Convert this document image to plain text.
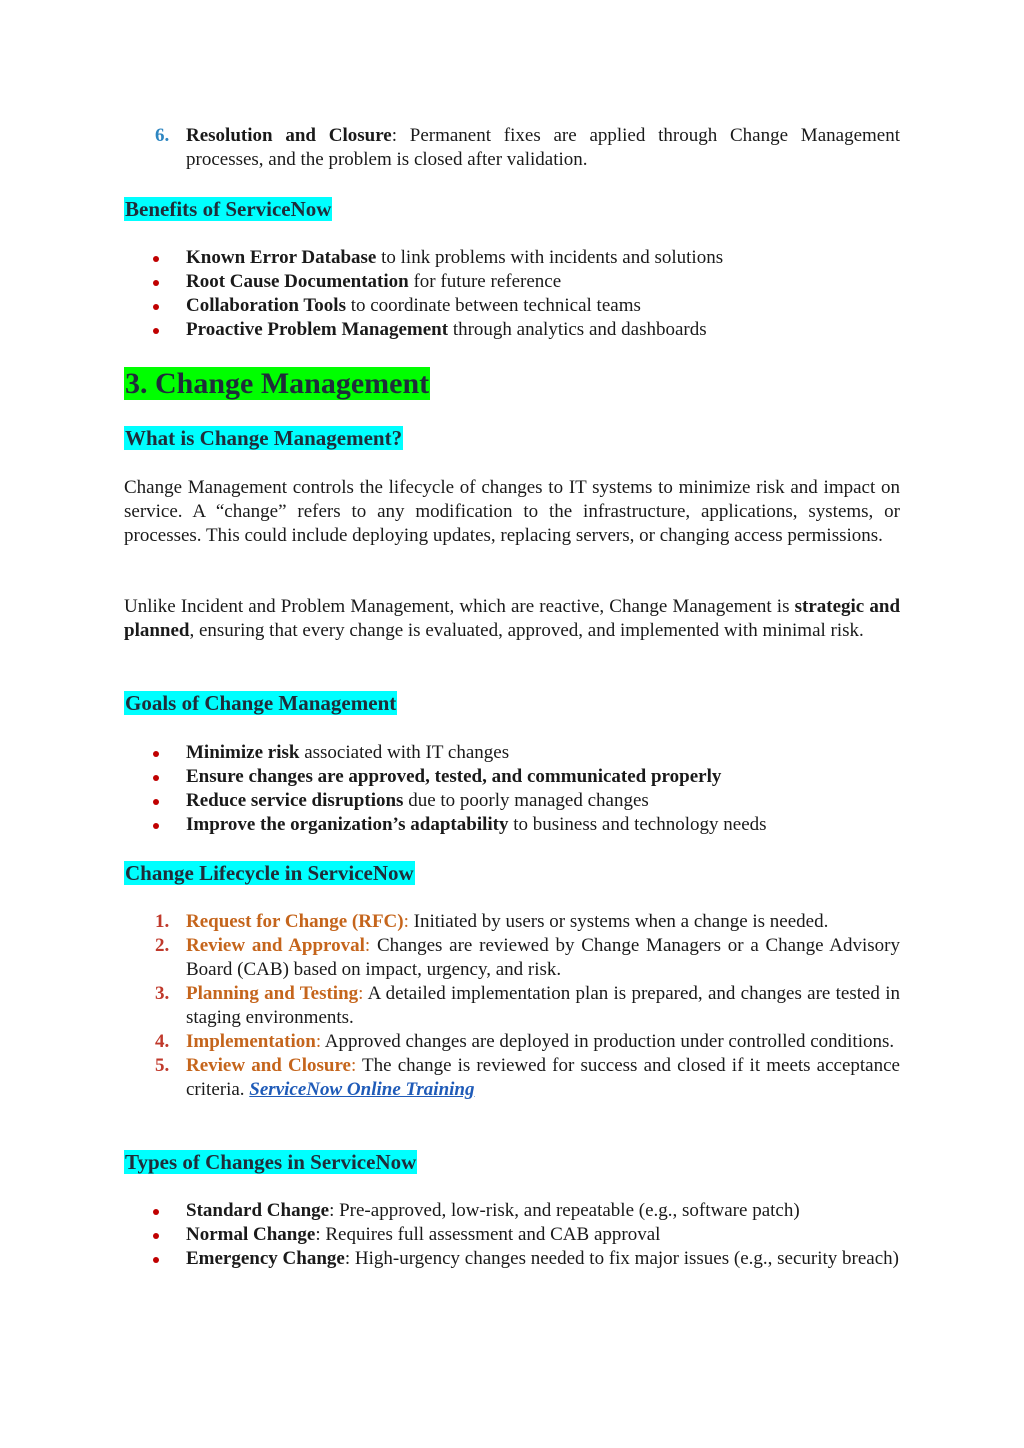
6. Resolution and Closure: Permanent fixes are applied through Change Management processes, and the problem is closed after validation.
Benefits of ServiceNow
Known Error Database to link problems with incidents and solutions
Root Cause Documentation for future reference
Collaboration Tools to coordinate between technical teams
Proactive Problem Management through analytics and dashboards
3. Change Management
What is Change Management?

Change Management controls the lifecycle of changes to IT systems to minimize risk and impact on service. A “change” refers to any modification to the infrastructure, applications, systems, or processes. This could include deploying updates, replacing servers, or changing access permissions.

Unlike Incident and Problem Management, which are reactive, Change Management is strategic and planned, ensuring that every change is evaluated, approved, and implemented with minimal risk.

Goals of Change Management
Minimize risk associated with IT changes
Ensure changes are approved, tested, and communicated properly
Reduce service disruptions due to poorly managed changes
Improve the organization’s adaptability to business and technology needs
Change Lifecycle in ServiceNow
1. Request for Change (RFC): Initiated by users or systems when a change is needed.
2. Review and Approval: Changes are reviewed by Change Managers or a Change Advisory Board (CAB) based on impact, urgency, and risk.
3. Planning and Testing: A detailed implementation plan is prepared, and changes are tested in staging environments.
4. Implementation: Approved changes are deployed in production under controlled conditions.
5. Review and Closure: The change is reviewed for success and closed if it meets acceptance criteria. ServiceNow Online Training
Types of Changes in ServiceNow
Standard Change: Pre-approved, low-risk, and repeatable (e.g., software patch)
Normal Change: Requires full assessment and CAB approval
Emergency Change: High-urgency changes needed to fix major issues (e.g., security breach)
